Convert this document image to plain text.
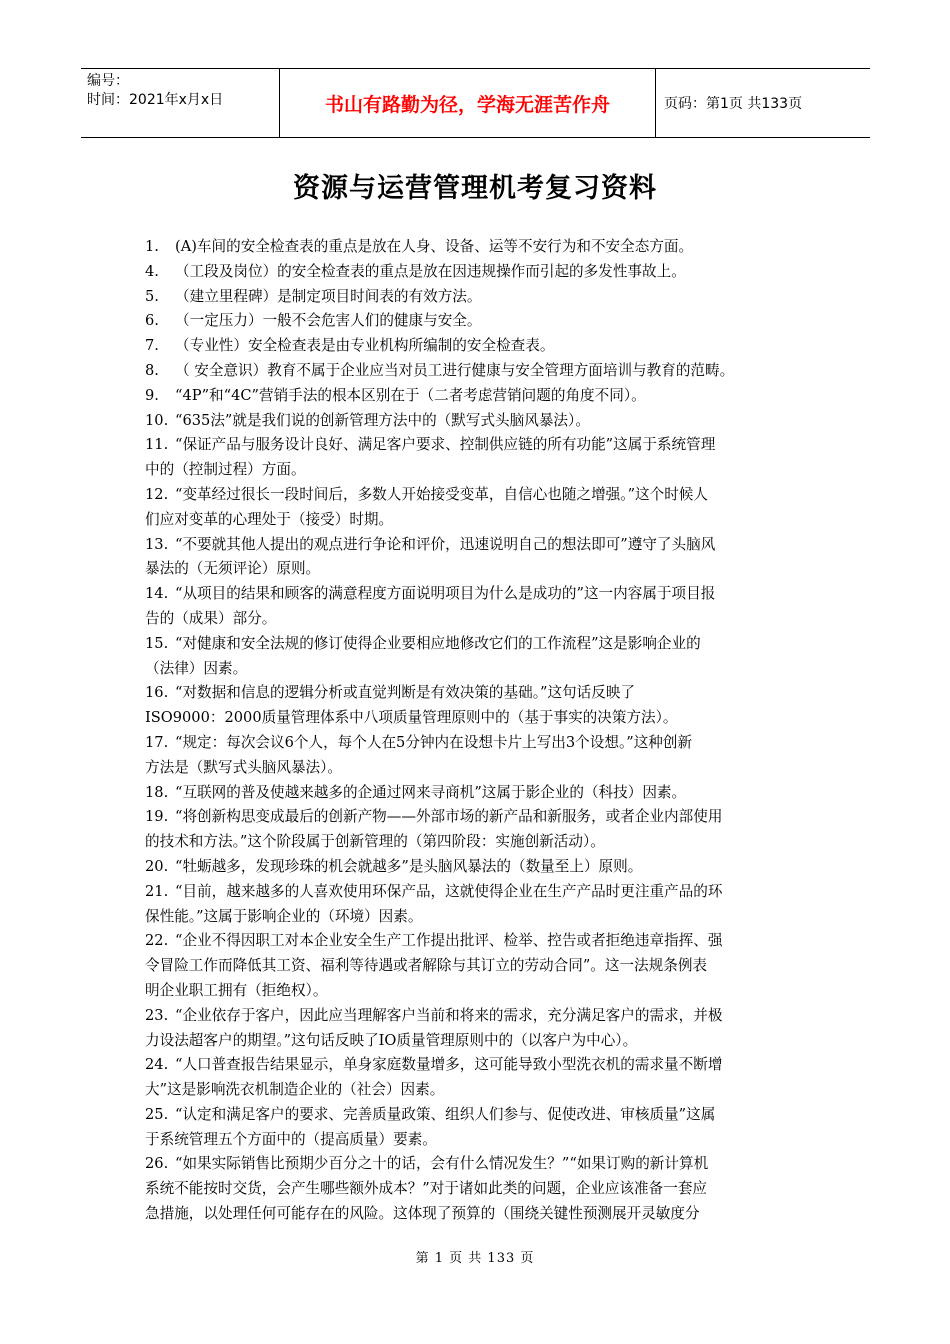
编号：
时间：2021年x月x日	书山有路勤为径，学海无涯苦作舟	页码：第1页 共133页
资源与运营管理机考复习资料
1. (A)车间的安全检查表的重点是放在人身、设备、运等不安行为和不安全态方面。
4. （工段及岗位）的安全检查表的重点是放在因违规操作而引起的多发性事故上。
5. （建立里程碑）是制定项目时间表的有效方法。
6. （一定压力）一般不会危害人们的健康与安全。
7. （专业性）安全检查表是由专业机构所编制的安全检查表。
8. （ 安全意识）教育不属于企业应当对员工进行健康与安全管理方面培训与教育的范畴。
9. “4P”和“4C”营销手法的根本区别在于（二者考虑营销问题的角度不同）。
10. “635法”就是我们说的创新管理方法中的（默写式头脑风暴法）。
11. “保证产品与服务设计良好、满足客户要求、控制供应链的所有功能”这属于系统管理
中的（控制过程）方面。
12. “变革经过很长一段时间后，多数人开始接受变革，自信心也随之增强。”这个时候人
们应对变革的心理处于（接受）时期。
13. “不要就其他人提出的观点进行争论和评价，迅速说明自己的想法即可”遵守了头脑风
暴法的（无须评论）原则。
14. “从项目的结果和顾客的满意程度方面说明项目为什么是成功的”这一内容属于项目报
告的（成果）部分。
15. “对健康和安全法规的修订使得企业要相应地修改它们的工作流程”这是影响企业的
（法律）因素。
16. “对数据和信息的逻辑分析或直觉判断是有效决策的基础。”这句话反映了
ISO9000：2000质量管理体系中八项质量管理原则中的（基于事实的决策方法）。
17. “规定：每次会议6个人，每个人在5分钟内在设想卡片上写出3个设想。”这种创新
方法是（默写式头脑风暴法）。
18. “互联网的普及使越来越多的企通过网来寻商机”这属于影企业的（科技）因素。
19. “将创新构思变成最后的创新产物——外部市场的新产品和新服务，或者企业内部使用
的技术和方法。”这个阶段属于创新管理的（第四阶段：实施创新活动）。
20. “牡蛎越多，发现珍珠的机会就越多”是头脑风暴法的（数量至上）原则。
21. “目前，越来越多的人喜欢使用环保产品，这就使得企业在生产产品时更注重产品的环
保性能。”这属于影响企业的（环境）因素。
22. “企业不得因职工对本企业安全生产工作提出批评、检举、控告或者拒绝违章指挥、强
令冒险工作而降低其工资、福利等待遇或者解除与其订立的劳动合同”。这一法规条例表
明企业职工拥有（拒绝权）。
23. “企业依存于客户，因此应当理解客户当前和将来的需求，充分满足客户的需求，并极
力设法超客户的期望。”这句话反映了IO质量管理原则中的（以客户为中心）。
24. “人口普查报告结果显示，单身家庭数量增多，这可能导致小型洗衣机的需求量不断增
大”这是影响洗衣机制造企业的（社会）因素。
25. “认定和满足客户的要求、完善质量政策、组织人们参与、促使改进、审核质量”这属
于系统管理五个方面中的（提高质量）要素。
26. “如果实际销售比预期少百分之十的话，会有什么情况发生？”“如果订购的新计算机
系统不能按时交货，会产生哪些额外成本？”对于诸如此类的问题，企业应该准备一套应
急措施，以处理任何可能存在的风险。这体现了预算的（围绕关键性预测展开灵敏度分
第 1 页 共 133 页
